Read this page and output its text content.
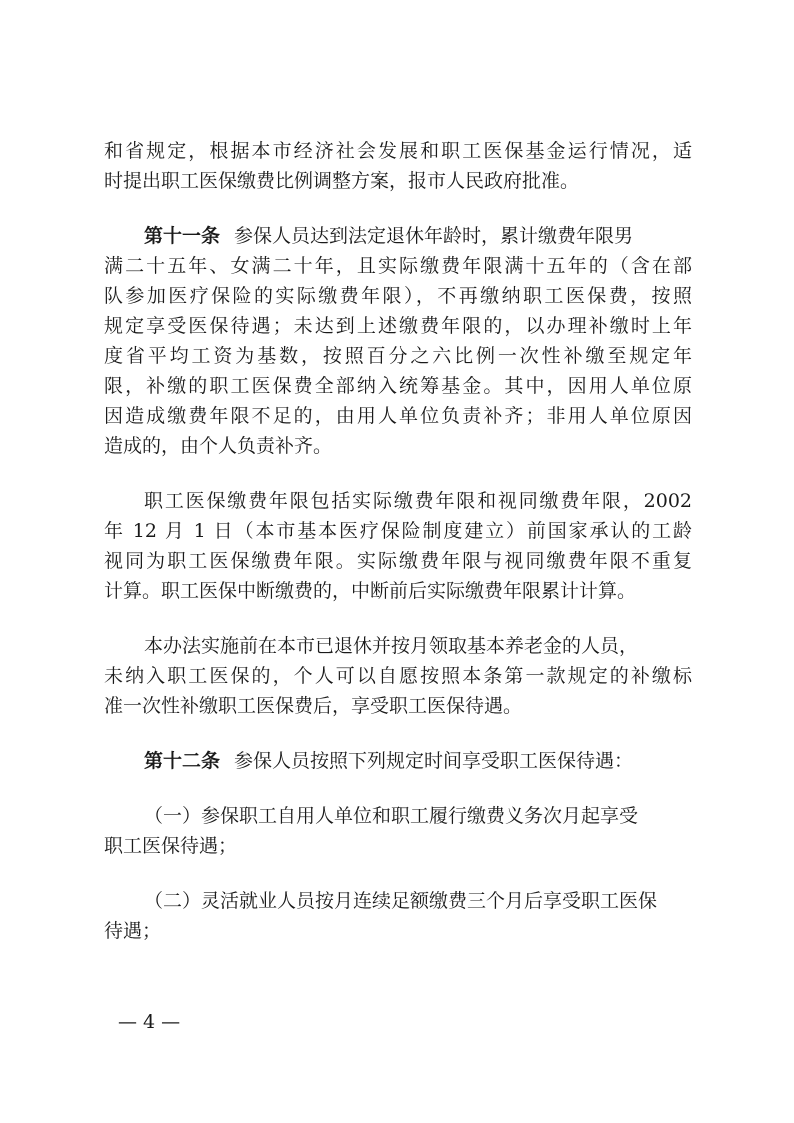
和省规定，根据本市经济社会发展和职工医保基金运行情况，适

时提出职工医保缴费比例调整方案，报市人民政府批准。

第十一条 参保人员达到法定退休年龄时，累计缴费年限男

满二十五年、女满二十年，且实际缴费年限满十五年的（含在部

队参加医疗保险的实际缴费年限），不再缴纳职工医保费，按照

规定享受医保待遇；未达到上述缴费年限的，以办理补缴时上年

度省平均工资为基数，按照百分之六比例一次性补缴至规定年

限，补缴的职工医保费全部纳入统筹基金。其中，因用人单位原

因造成缴费年限不足的，由用人单位负责补齐；非用人单位原因

造成的，由个人负责补齐。

职工医保缴费年限包括实际缴费年限和视同缴费年限，2002

年 12 月 1 日（本市基本医疗保险制度建立）前国家承认的工龄

视同为职工医保缴费年限。实际缴费年限与视同缴费年限不重复

计算。职工医保中断缴费的，中断前后实际缴费年限累计计算。

本办法实施前在本市已退休并按月领取基本养老金的人员，

未纳入职工医保的，个人可以自愿按照本条第一款规定的补缴标

准一次性补缴职工医保费后，享受职工医保待遇。

第十二条 参保人员按照下列规定时间享受职工医保待遇：

（一）参保职工自用人单位和职工履行缴费义务次月起享受

职工医保待遇；

（二）灵活就业人员按月连续足额缴费三个月后享受职工医保

待遇；

— 4 —
